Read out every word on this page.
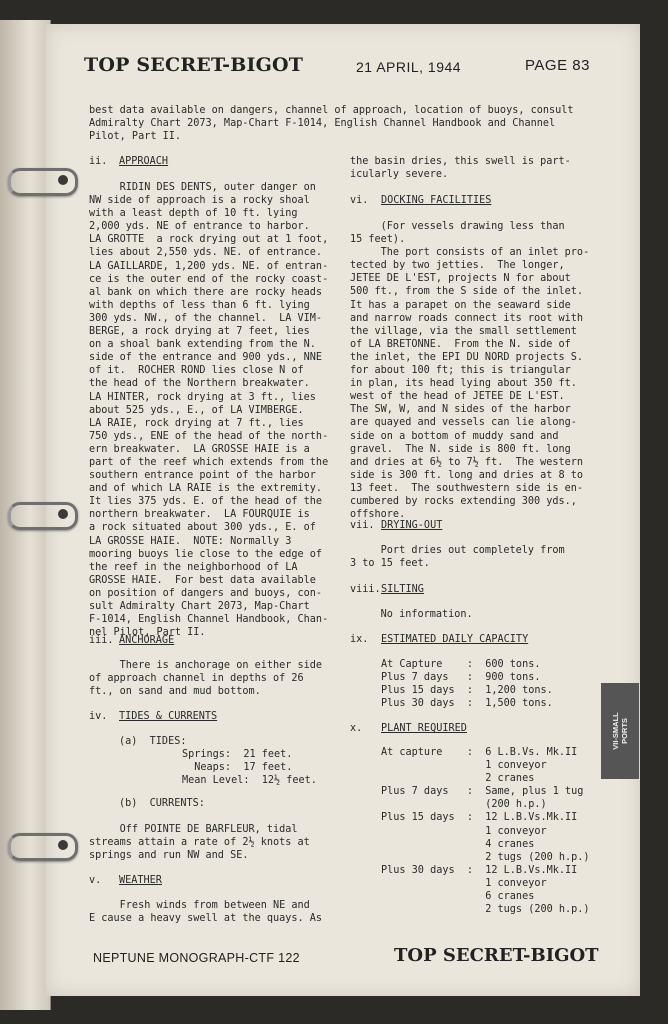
TOP SECRET-BIGOT	21 APRIL, 1944	PAGE 83
best data available on dangers, channel of approach, location of buoys, consult
Admiralty Chart 2073, Map-Chart F-1014, English Channel Handbook and Channel
Pilot, Part II.
ii. APPROACH
RIDIN DES DENTS, outer danger on
NW side of approach is a rocky shoal
with a least depth of 10 ft. lying
2,000 yds. NE of entrance to harbor.
LA GROTTE  a rock drying out at 1 foot,
lies about 2,550 yds. NE. of entrance.
LA GAILLARDE, 1,200 yds. NE. of entran-
ce is the outer end of the rocky coast-
al bank on which there are rocky heads
with depths of less than 6 ft. lying
300 yds. NW., of the channel.  LA VIM-
BERGE, a rock drying at 7 feet, lies
on a shoal bank extending from the N.
side of the entrance and 900 yds., NNE
of it.  ROCHER ROND lies close N of
the head of the Northern breakwater.
LA HINTER, rock drying at 3 ft., lies
about 525 yds., E., of LA VIMBERGE.
LA RAIE, rock drying at 7 ft., lies
750 yds., ENE of the head of the north-
ern breakwater.  LA GROSSE HAIE is a
part of the reef which extends from the
southern entrance point of the harbor
and of which LA RAIE is the extremity.
It lies 375 yds. E. of the head of the
northern breakwater.  LA FOURQUIE is
a rock situated about 300 yds., E. of
LA GROSSE HAIE.  NOTE: Normally 3
mooring buoys lie close to the edge of
the reef in the neighborhood of LA
GROSSE HAIE.  For best data available
on position of dangers and buoys, con-
sult Admiralty Chart 2073, Map-Chart
F-1014, English Channel Handbook, Chan-
nel Pilot, Part II.
iii. ANCHORAGE
There is anchorage on either side
of approach channel in depths of 26
ft., on sand and mud bottom.
iv. TIDES & CURRENTS
(a)  TIDES:
Springs:  21 feet.
Neaps:  17 feet.
Mean Level:  12½ feet.
(b)  CURRENTS:
Off POINTE DE BARFLEUR, tidal
streams attain a rate of 2½ knots at
springs and run NW and SE.
v. WEATHER
Fresh winds from between NE and
E cause a heavy swell at the quays. As
the basin dries, this swell is part-
icularly severe.
vi. DOCKING FACILITIES
(For vessels drawing less than
15 feet).
The port consists of an inlet pro-
tected by two jetties.  The longer,
JETEE DE L'EST, projects N for about
500 ft., from the S side of the inlet.
It has a parapet on the seaward side
and narrow roads connect its root with
the village, via the small settlement
of LA BRETONNE.  From the N. side of
the inlet, the EPI DU NORD projects S.
for about 100 ft; this is triangular
in plan, its head lying about 350 ft.
west of the head of JETEE DE L'EST.
The SW, W, and N sides of the harbor
are quayed and vessels can lie along-
side on a bottom of muddy sand and
gravel.  The N. side is 800 ft. long
and dries at 6½ to 7½ ft.  The western
side is 300 ft. long and dries at 8 to
13 feet.  The southwestern side is en-
cumbered by rocks extending 300 yds.,
offshore.
vii. DRYING-OUT
Port dries out completely from
3 to 15 feet.
viii. SILTING
No information.
ix. ESTIMATED DAILY CAPACITY
At Capture    :  600 tons.
Plus 7 days   :  900 tons.
Plus 15 days  :  1,200 tons.
Plus 30 days  :  1,500 tons.
x. PLANT REQUIRED
At capture    :  6 L.B.Vs. Mk.II
1 conveyor
2 cranes
Plus 7 days   :  Same, plus 1 tug
(200 h.p.)
Plus 15 days  :  12 L.B.Vs.Mk.II
1 conveyor
4 cranes
2 tugs (200 h.p.)
Plus 30 days  :  12 L.B.Vs.Mk.II
1 conveyor
6 cranes
2 tugs (200 h.p.)
VII-SMALL PORTS
NEPTUNE MONOGRAPH-CTF 122	TOP SECRET-BIGOT
